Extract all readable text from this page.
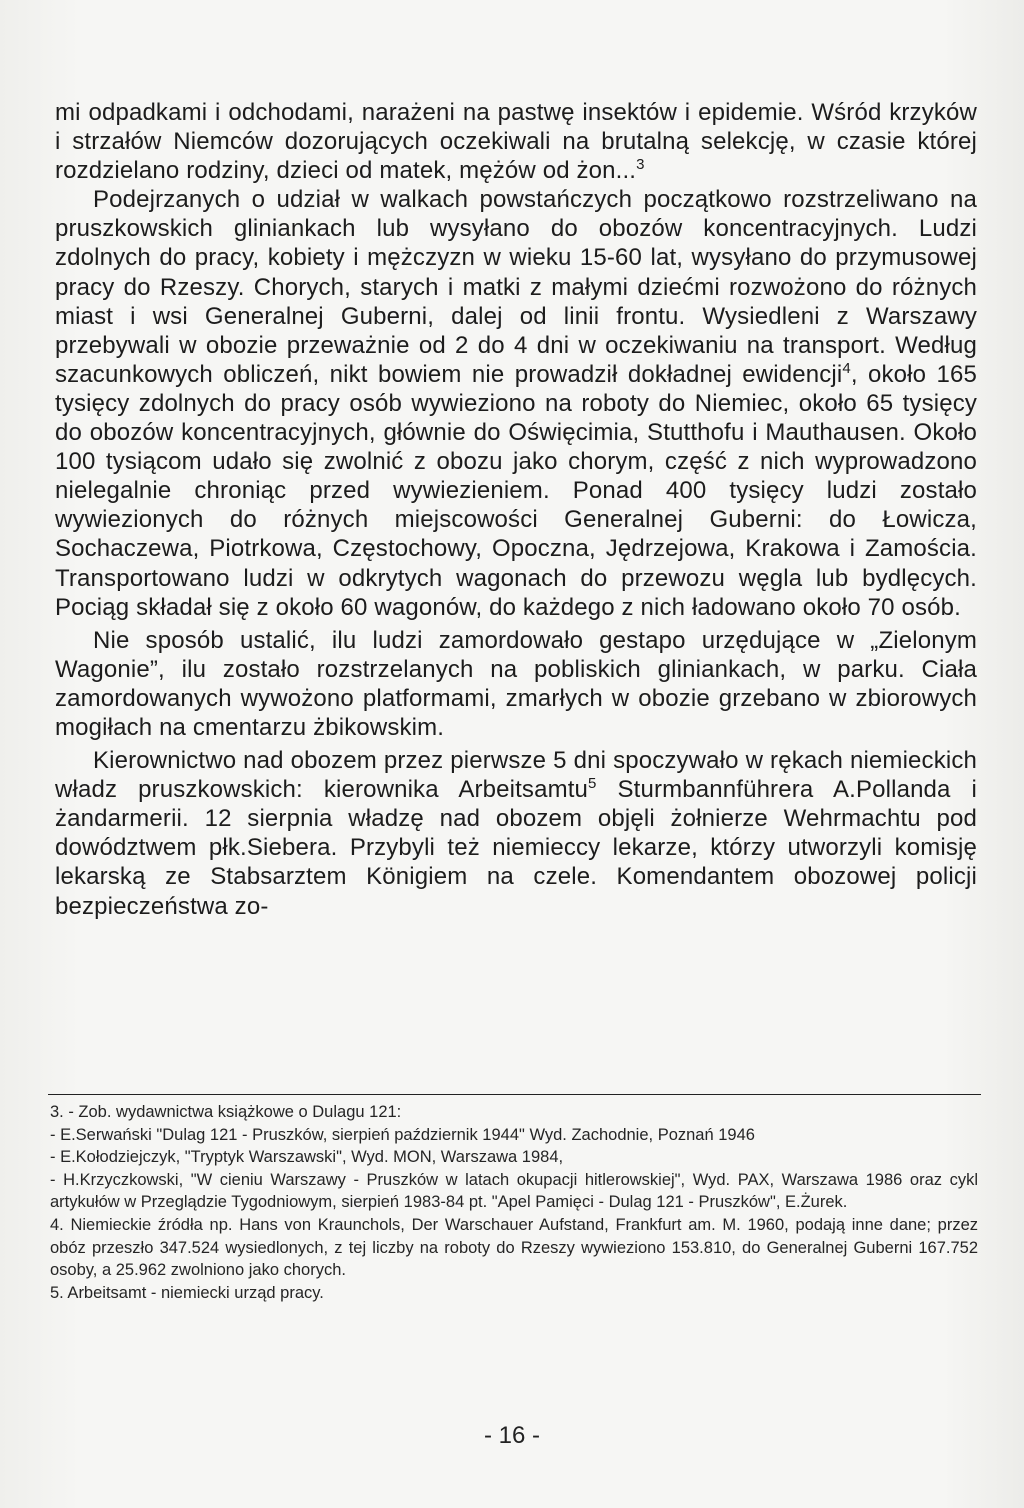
mi odpadkami i odchodami, narażeni na pastwę insektów i epidemie. Wśród krzyków i strzałów Niemców dozorujących oczekiwali na brutalną selekcję, w czasie której rozdzielano rodziny, dzieci od matek, mężów od żon...$^3$

Podejrzanych o udział w walkach powstańczych początkowo rozstrzeliwano na pruszkowskich gliniankach lub wysyłano do obozów koncentracyjnych. Ludzi zdolnych do pracy, kobiety i mężczyzn w wieku 15-60 lat, wysyłano do przymusowej pracy do Rzeszy. Chorych, starych i matki z małymi dziećmi rozwożono do różnych miast i wsi Generalnej Guberni, dalej od linii frontu. Wysiedleni z Warszawy przebywali w obozie przeważnie od 2 do 4 dni w oczekiwaniu na transport. Według szacunkowych obliczeń, nikt bowiem nie prowadził dokładnej ewidencji$^4$, około 165 tysięcy zdolnych do pracy osób wywieziono na roboty do Niemiec, około 65 tysięcy do obozów koncentracyjnych, głównie do Oświęcimia, Stutthofu i Mauthausen. Około 100 tysiącom udało się zwolnić z obozu jako chorym, część z nich wyprowadzono nielegalnie chroniąc przed wywiezieniem. Ponad 400 tysięcy ludzi zostało wywiezionych do różnych miejscowości Generalnej Guberni: do Łowicza, Sochaczewa, Piotrkowa, Częstochowy, Opoczna, Jędrzejowa, Krakowa i Zamościa. Transportowano ludzi w odkrytych wagonach do przewozu węgla lub bydlęcych. Pociąg składał się z około 60 wagonów, do każdego z nich ładowano około 70 osób.

Nie sposób ustalić, ilu ludzi zamordowało gestapo urzędujące w „Zielonym Wagonie”, ilu zostało rozstrzelanych na pobliskich gliniankach, w parku. Ciała zamordowanych wywożono platformami, zmarłych w obozie grzebano w zbiorowych mogiłach na cmentarzu żbikowskim.

Kierownictwo nad obozem przez pierwsze 5 dni spoczywało w rękach niemieckich władz pruszkowskich: kierownika Arbeitsamtu$^5$ Sturmbannführera A.Pollanda i żandarmerii. 12 sierpnia władzę nad obozem objęli żołnierze Wehrmachtu pod dowództwem płk.Siebera. Przybyli też niemieccy lekarze, którzy utworzyli komisję lekarską ze Stabsarztem Königiem na czele. Komendantem obozowej policji bezpieczeństwa zo-

3. - Zob. wydawnictwa książkowe o Dulagu 121:

- E.Serwański "Dulag 121 - Pruszków, sierpień październik 1944" Wyd. Zachodnie, Poznań 1946

- E.Kołodziejczyk, "Tryptyk Warszawski", Wyd. MON, Warszawa 1984,

- H.Krzyczkowski, "W cieniu Warszawy - Pruszków w latach okupacji hitlerowskiej", Wyd. PAX, Warszawa 1986 oraz cykl artykułów w Przeglądzie Tygodniowym, sierpień 1983-84 pt. "Apel Pamięci - Dulag 121 - Pruszków", E.Żurek.

4. Niemieckie źródła np. Hans von Kraunchols, Der Warschauer Aufstand, Frankfurt am. M. 1960, podają inne dane; przez obóz przeszło 347.524 wysiedlonych, z tej liczby na roboty do Rzeszy wywieziono 153.810, do Generalnej Guberni 167.752 osoby, a 25.962 zwolniono jako chorych.

5. Arbeitsamt - niemiecki urząd pracy.

- 16 -
